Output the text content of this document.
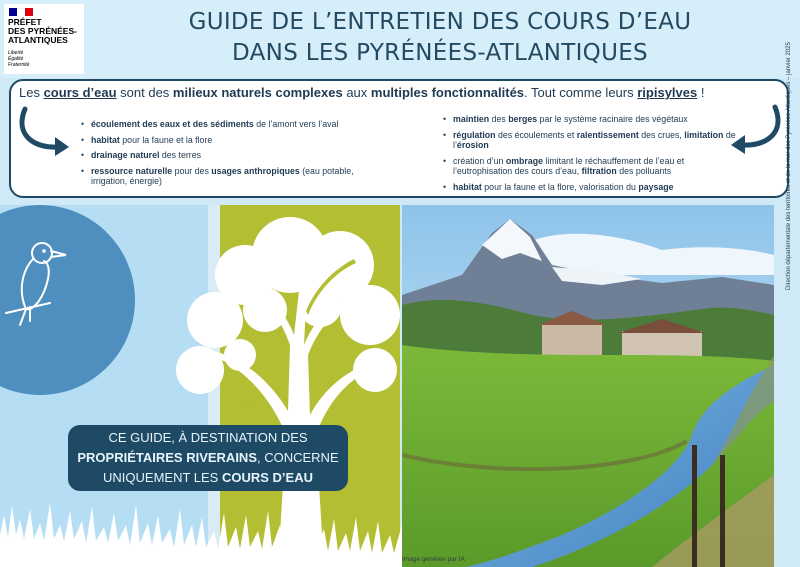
PRÉFET
DES PYRÉNÉES-
ATLANTIQUES
Liberté
Égalité
Fraternité
GUIDE DE L’ENTRETIEN DES COURS D’EAU
DANS LES PYRÉNÉES-ATLANTIQUES
Les cours d’eau sont des milieux naturels complexes aux multiples fonctionnalités. Tout comme leurs ripisylves !
• écoulement des eaux et des sédiments de l’amont vers l’aval
• habitat pour la faune et la flore
• drainage naturel des terres
• ressource naturelle pour des usages anthropiques (eau potable, irrigation, énergie)
• maintien des berges par le système racinaire des végétaux
• régulation des écoulements et ralentissement des crues, limitation de l’érosion
• création d’un ombrage limitant le réchauffement de l’eau et l’eutrophisation des cours d’eau, filtration des polluants
• habitat pour la faune et la flore, valorisation du paysage
CE GUIDE, À DESTINATION DES
PROPRIÉTAIRES RIVERAINS, CONCERNE
UNIQUEMENT LES COURS D’EAU
Image générée par IA
Direction départementale des territoires et de la mer des Pyrénées-Atlantiques – janvier 2025
